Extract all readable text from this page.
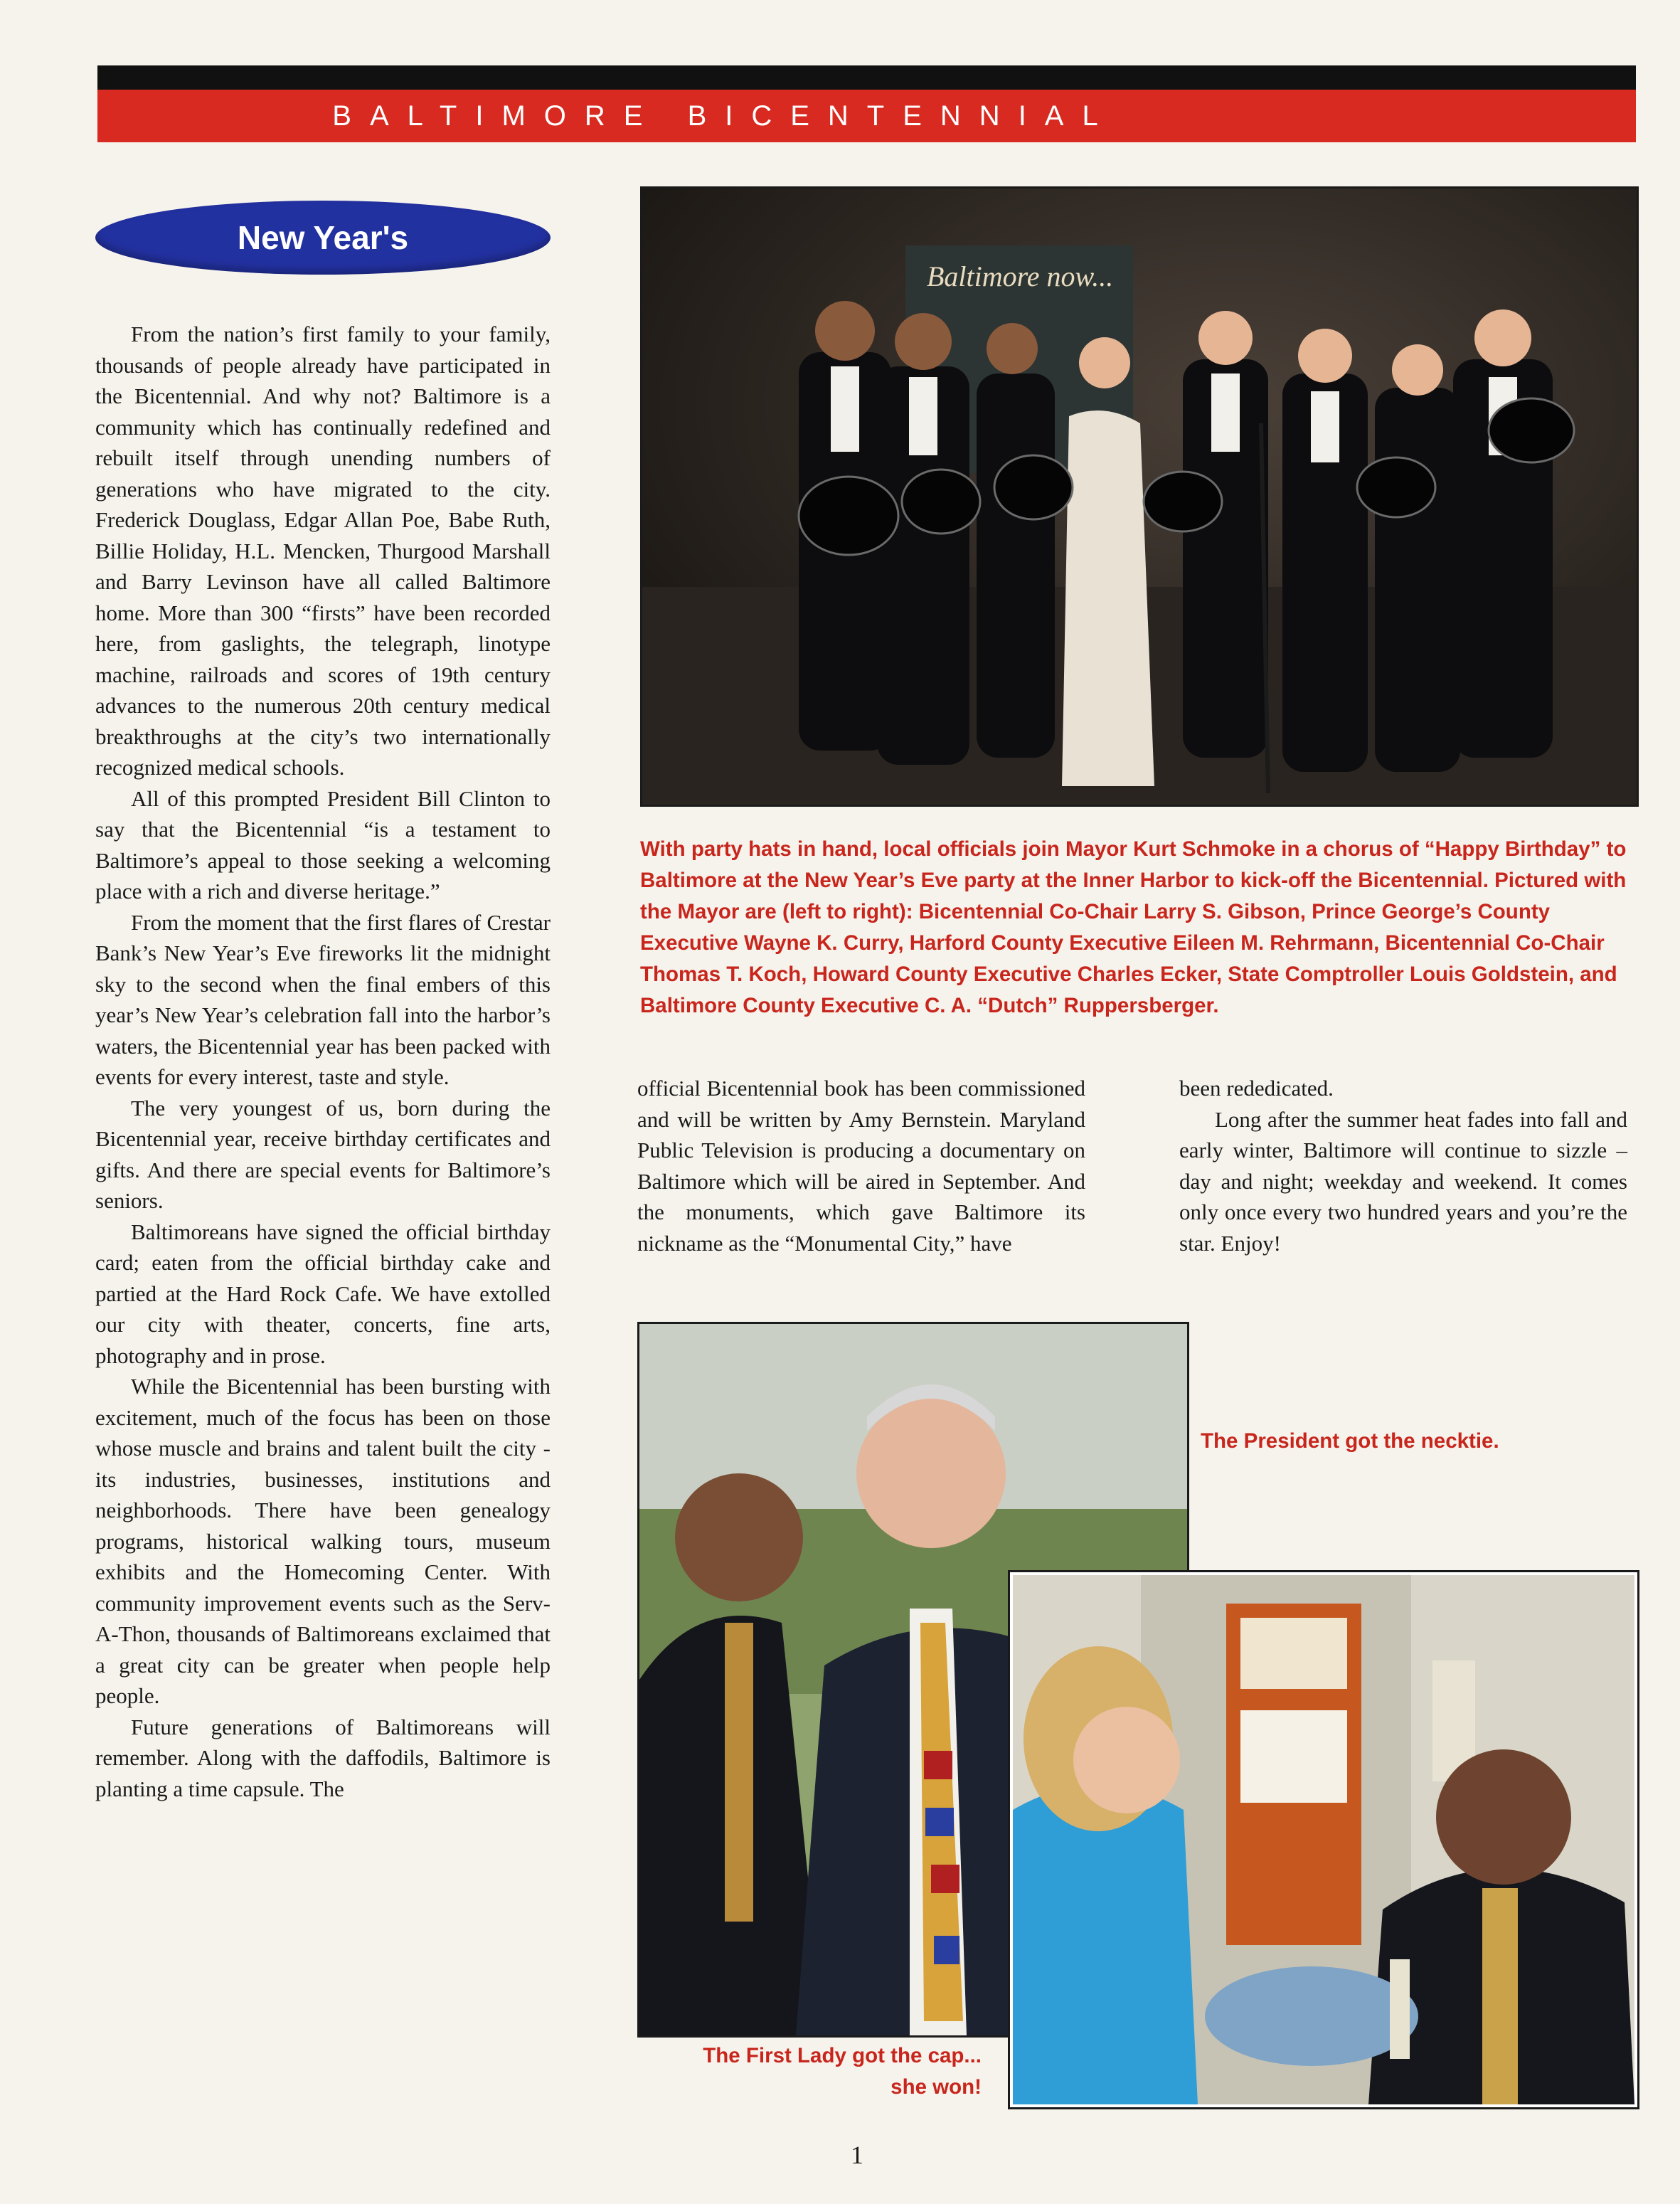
BALTIMORE BICENTENNIAL
New Year's

From the nation’s first family to your family, thousands of people already have participated in the Bicentennial. And why not? Baltimore is a community which has continually redefined and rebuilt itself through unending numbers of generations who have migrated to the city. Frederick Douglass, Edgar Allan Poe, Babe Ruth, Billie Holiday, H.L. Mencken, Thurgood Marshall and Barry Levinson have all called Baltimore home. More than 300 “firsts” have been recorded here, from gaslights, the telegraph, linotype machine, railroads and scores of 19th century advances to the numerous 20th century medical breakthroughs at the city’s two internationally recognized medical schools.

All of this prompted President Bill Clinton to say that the Bicentennial “is a testament to Baltimore’s appeal to those seeking a welcoming place with a rich and diverse heritage.”

From the moment that the first flares of Crestar Bank’s New Year’s Eve fireworks lit the midnight sky to the second when the final embers of this year’s New Year’s celebration fall into the harbor’s waters, the Bicentennial year has been packed with events for every interest, taste and style.

The very youngest of us, born during the Bicentennial year, receive birthday certificates and gifts. And there are special events for Baltimore’s seniors.

Baltimoreans have signed the official birthday card; eaten from the official birthday cake and partied at the Hard Rock Cafe. We have extolled our city with theater, concerts, fine arts, photography and in prose.

While the Bicentennial has been bursting with excitement, much of the focus has been on those whose muscle and brains and talent built the city - its industries, businesses, institutions and neighborhoods. There have been genealogy programs, historical walking tours, museum exhibits and the Homecoming Center. With community improvement events such as the Serv-A-Thon, thousands of Baltimoreans exclaimed that a great city can be greater when people help people.

Future generations of Baltimoreans will remember. Along with the daffodils, Baltimore is planting a time capsule. The

Baltimore now...
With party hats in hand, local officials join Mayor Kurt Schmoke in a chorus of “Happy Birthday” to Baltimore at the New Year’s Eve party at the Inner Harbor to kick-off the Bicentennial. Pictured with the Mayor are (left to right): Bicentennial Co-Chair Larry S. Gibson, Prince George’s County Executive Wayne K. Curry, Harford County Executive Eileen M. Rehrmann, Bicentennial Co-Chair Thomas T. Koch, Howard County Executive Charles Ecker, State Comptroller Louis Goldstein, and Baltimore County Executive C. A. “Dutch” Ruppersberger.

official Bicentennial book has been commissioned and will be written by Amy Bernstein. Maryland Public Television is producing a documentary on Baltimore which will be aired in September. And the monuments, which gave Baltimore its nickname as the “Monumental City,” have

been rededicated.

Long after the summer heat fades into fall and early winter, Baltimore will continue to sizzle – day and night; weekday and weekend. It comes only once every two hundred years and you’re the star. Enjoy!

The President got the necktie.
The First Lady got the cap...
she won!
1
